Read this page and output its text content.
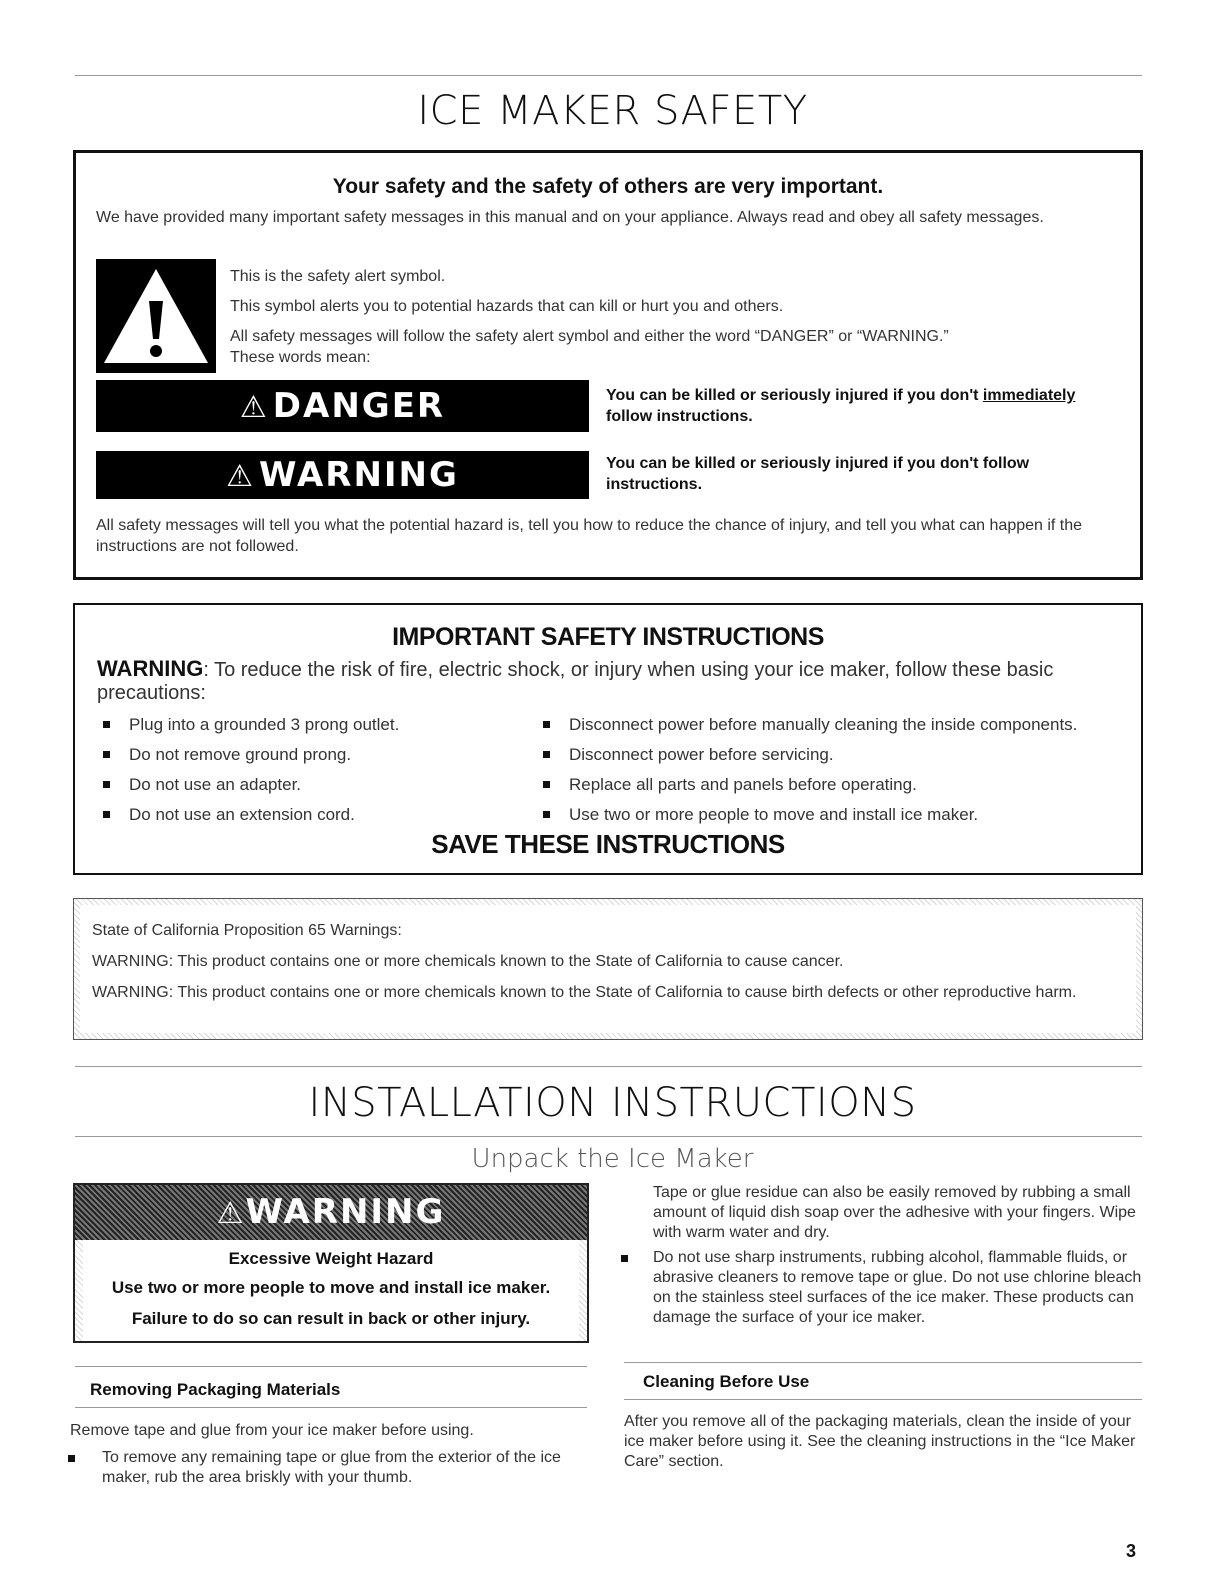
ICE MAKER SAFETY
Your safety and the safety of others are very important.
We have provided many important safety messages in this manual and on your appliance. Always read and obey all safety messages.
This is the safety alert symbol.
This symbol alerts you to potential hazards that can kill or hurt you and others.
All safety messages will follow the safety alert symbol and either the word “DANGER” or “WARNING.”
These words mean:
⚠ DANGER	You can be killed or seriously injured if you don't immediately
follow instructions.
⚠ WARNING	You can be killed or seriously injured if you don't follow instructions.
All safety messages will tell you what the potential hazard is, tell you how to reduce the chance of injury, and tell you what can happen if the instructions are not followed.
IMPORTANT SAFETY INSTRUCTIONS
WARNING: To reduce the risk of fire, electric shock, or injury when using your ice maker, follow these basic precautions:
Plug into a grounded 3 prong outlet.
Do not remove ground prong.
Do not use an adapter.
Do not use an extension cord.
Disconnect power before manually cleaning the inside components.
Disconnect power before servicing.
Replace all parts and panels before operating.
Use two or more people to move and install ice maker.
SAVE THESE INSTRUCTIONS
State of California Proposition 65 Warnings:
WARNING: This product contains one or more chemicals known to the State of California to cause cancer.
WARNING: This product contains one or more chemicals known to the State of California to cause birth defects or other reproductive harm.
INSTALLATION INSTRUCTIONS
Unpack the Ice Maker
⚠WARNING
Excessive Weight Hazard
Use two or more people to move and install ice maker.
Failure to do so can result in back or other injury.
Removing Packaging Materials
Remove tape and glue from your ice maker before using.
To remove any remaining tape or glue from the exterior of the ice maker, rub the area briskly with your thumb.
Tape or glue residue can also be easily removed by rubbing a small amount of liquid dish soap over the adhesive with your fingers. Wipe with warm water and dry.
Do not use sharp instruments, rubbing alcohol, flammable fluids, or abrasive cleaners to remove tape or glue. Do not use chlorine bleach on the stainless steel surfaces of the ice maker. These products can damage the surface of your ice maker.
Cleaning Before Use
After you remove all of the packaging materials, clean the inside of your ice maker before using it. See the cleaning instructions in the “Ice Maker Care” section.
3
